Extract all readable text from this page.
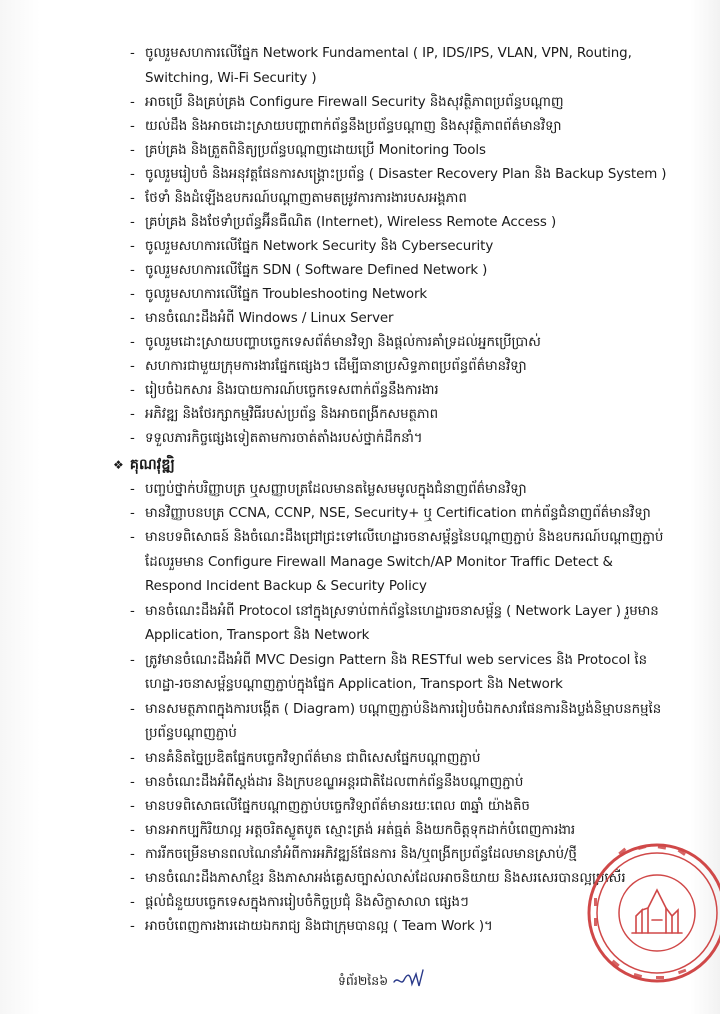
- ចូលរួមសហការលើផ្នែក Network Fundamental ( IP, IDS/IPS, VLAN, VPN, Routing, Switching, Wi-Fi Security )
- អាចប្រើ និងគ្រប់គ្រង Configure Firewall Security និងសុវត្ថិភាពប្រព័ន្ធបណ្ដាញ
- យល់ដឹង និងអាចដោះស្រាយបញ្ហាពាក់ព័ន្ធនឹងប្រព័ន្ធបណ្ដាញ និងសុវត្ថិភាពព័ត៌មានវិទ្យា
- គ្រប់គ្រង និងត្រួតពិនិត្យប្រព័ន្ធបណ្ដាញដោយប្រើ Monitoring Tools
- ចូលរួមរៀបចំ និងអនុវត្តផែនការសង្គ្រោះប្រព័ន្ធ ( Disaster Recovery Plan និង Backup System )
- ថែទាំ និងដំឡើងឧបករណ៍បណ្ដាញតាមតម្រូវការការងារបសអង្គភាព
- គ្រប់គ្រង និងថែទាំប្រព័ន្ធអ៊ីនធឺណិត (Internet), Wireless Remote Access )
- ចូលរួមសហការលើផ្នែក Network Security និង Cybersecurity
- ចូលរួមសហការលើផ្នែក SDN ( Software Defined Network )
- ចូលរួមសហការលើផ្នែក Troubleshooting Network
- មានចំណេះដឹងអំពី Windows / Linux Server
- ចូលរួមដោះស្រាយបញ្ហាបច្ចេកទេសព័ត៌មានវិទ្យា និងផ្ដល់ការគាំទ្រដល់អ្នកប្រើប្រាស់
- សហការជាមួយក្រុមការងារផ្នែកផ្សេងៗ ដើម្បីធានាប្រសិទ្ធភាពប្រព័ន្ធព័ត៌មានវិទ្យា
- រៀបចំឯកសារ និងរបាយការណ៍បច្ចេកទេសពាក់ព័ន្ធនឹងការងារ
- អភិវឌ្ឍ និងថែរក្សាកម្មវិធីរបស់ប្រព័ន្ធ និងអាចពង្រីកសមត្ថភាព
- ទទួលភារកិច្ចផ្សេងទៀតតាមការចាត់តាំងរបស់ថ្នាក់ដឹកនាំ។
❖ គុណវុឌ្ឍិ
- បញ្ចប់ថ្នាក់បរិញ្ញាបត្រ ឬសញ្ញាបត្រដែលមានតម្លៃសមមូលក្នុងជំនាញព័ត៌មានវិទ្យា
- មានវិញ្ញាបនបត្រ CCNA, CCNP, NSE, Security+ ឬ Certification ពាក់ព័ន្ធជំនាញព័ត៌មានវិទ្យា
- មានបទពិសោធន៍ និងចំណេះដឹងជ្រៅជ្រះទៅលើហេដ្ឋារចនាសម្ព័ន្ធនៃបណ្តាញភ្ជាប់ និងឧបករណ៍បណ្តាញភ្ជាប់ ដែលរួមមាន Configure Firewall Manage Switch/AP Monitor Traffic Detect & Respond Incident Backup & Security Policy
- មានចំណេះដឹងអំពី Protocol នៅក្នុងស្រទាប់ពាក់ព័ន្ធនៃហេដ្ឋារចនាសម្ព័ន្ធ ( Network Layer ) រួមមាន Application, Transport និង Network
- ត្រូវមានចំណេះដឹងអំពី MVC Design Pattern និង RESTful web services និង Protocol នៃហេដ្ឋា-រចនាសម្ព័ន្ធបណ្តាញភ្ជាប់ក្នុងផ្នែក Application, Transport និង Network
- មានសមត្ថភាពក្នុងការបង្កើត ( Diagram) បណ្តាញភ្ជាប់និងការរៀបចំឯកសារផែនការនិងប្លង់និម្មាបនកម្មនៃប្រព័ន្ធបណ្តាញភ្ជាប់
- មានគំនិតច្នៃប្រឌិតផ្នែកបច្ចេកវិទ្យាព័ត៌មាន ជាពិសេសផ្នែកបណ្តាញភ្ជាប់
- មានចំណេះដឹងអំពីស្តង់ដារ និងក្របខណ្ឌអន្តរជាតិដែលពាក់ព័ន្ធនឹងបណ្តាញភ្ជាប់
- មានបទពិសោធលើផ្នែកបណ្តាញភ្ជាប់បច្ចេកវិទ្យាព័ត៌មានរយៈពេល ៣ឆ្នាំ យ៉ាងតិច
- មានអាកប្បកិរិយាល្អ អត្តចរិតស្លូតបូត ស្មោះត្រង់ អត់ធ្មត់ និងយកចិត្តទុកដាក់បំពេញការងារ
- ការរីកចម្រើនមានពលណៃនាំអំពីការអភិវឌ្ឍន៍ផែនការ និង/ឬពង្រីកប្រព័ន្ធដែលមានស្រាប់/ថ្មី
- មានចំណេះដឹងភាសាខ្មែរ និងភាសាអង់គ្លេសច្បាស់លាស់ដែលអាចនិយាយ និងសរសេរបានល្អប្រសើរ
- ផ្ដល់ជំនួយបច្ចេកទេសក្នុងការរៀបចំកិច្ចប្រជុំ និងសិក្ខាសាលា ផ្សេងៗ
- អាចបំពេញការងារដោយឯករាជ្យ និងជាក្រុមបានល្អ ( Team Work )។
ទំព័រ២នៃ៦
